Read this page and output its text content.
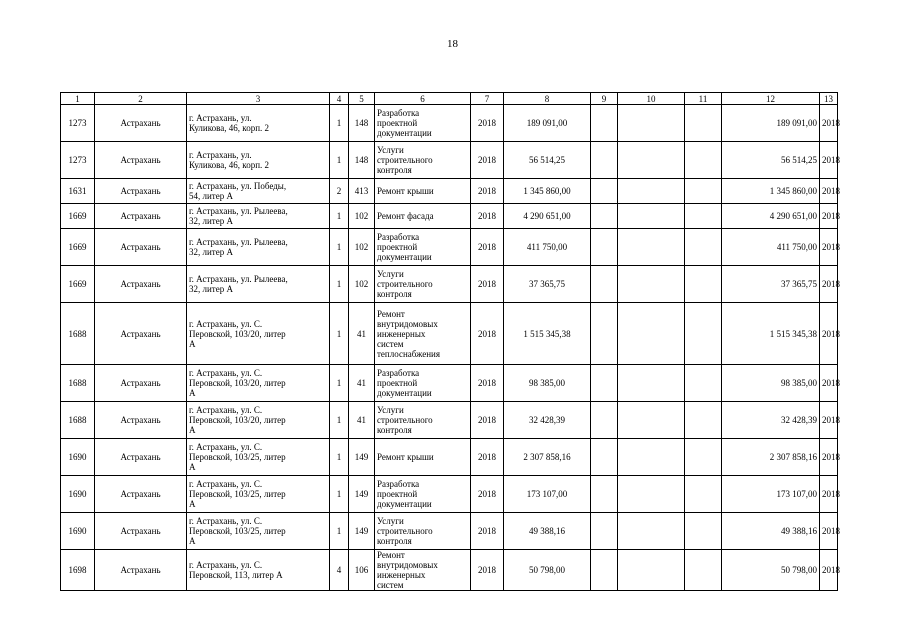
18
1	2	3	4	5	6	7	8	9	10	11	12	13
1273	Астрахань	г. Астрахань, ул.
Куликова, 46, корп. 2	1	148	Разработка
проектной
документации	2018	189 091,00				189 091,00	2018
1273	Астрахань	г. Астрахань, ул.
Куликова, 46, корп. 2	1	148	Услуги
строительного
контроля	2018	56 514,25				56 514,25	2018
1631	Астрахань	г. Астрахань, ул. Победы,
54, литер А	2	413	Ремонт крыши	2018	1 345 860,00				1 345 860,00	2018
1669	Астрахань	г. Астрахань, ул. Рылеева,
32, литер А	1	102	Ремонт фасада	2018	4 290 651,00				4 290 651,00	2018
1669	Астрахань	г. Астрахань, ул. Рылеева,
32, литер А	1	102	Разработка
проектной
документации	2018	411 750,00				411 750,00	2018
1669	Астрахань	г. Астрахань, ул. Рылеева,
32, литер А	1	102	Услуги
строительного
контроля	2018	37 365,75				37 365,75	2018
1688	Астрахань	г. Астрахань, ул. С.
Перовской, 103/20, литер
А	1	41	Ремонт
внутридомовых
инженерных
систем
теплоснабжения	2018	1 515 345,38				1 515 345,38	2018
1688	Астрахань	г. Астрахань, ул. С.
Перовской, 103/20, литер
А	1	41	Разработка
проектной
документации	2018	98 385,00				98 385,00	2018
1688	Астрахань	г. Астрахань, ул. С.
Перовской, 103/20, литер
А	1	41	Услуги
строительного
контроля	2018	32 428,39				32 428,39	2018
1690	Астрахань	г. Астрахань, ул. С.
Перовской, 103/25, литер
А	1	149	Ремонт крыши	2018	2 307 858,16				2 307 858,16	2018
1690	Астрахань	г. Астрахань, ул. С.
Перовской, 103/25, литер
А	1	149	Разработка
проектной
документации	2018	173 107,00				173 107,00	2018
1690	Астрахань	г. Астрахань, ул. С.
Перовской, 103/25, литер
А	1	149	Услуги
строительного
контроля	2018	49 388,16				49 388,16	2018
1698	Астрахань	г. Астрахань, ул. С.
Перовской, 113, литер А	4	106	Ремонт
внутридомовых
инженерных
систем	2018	50 798,00				50 798,00	2018
